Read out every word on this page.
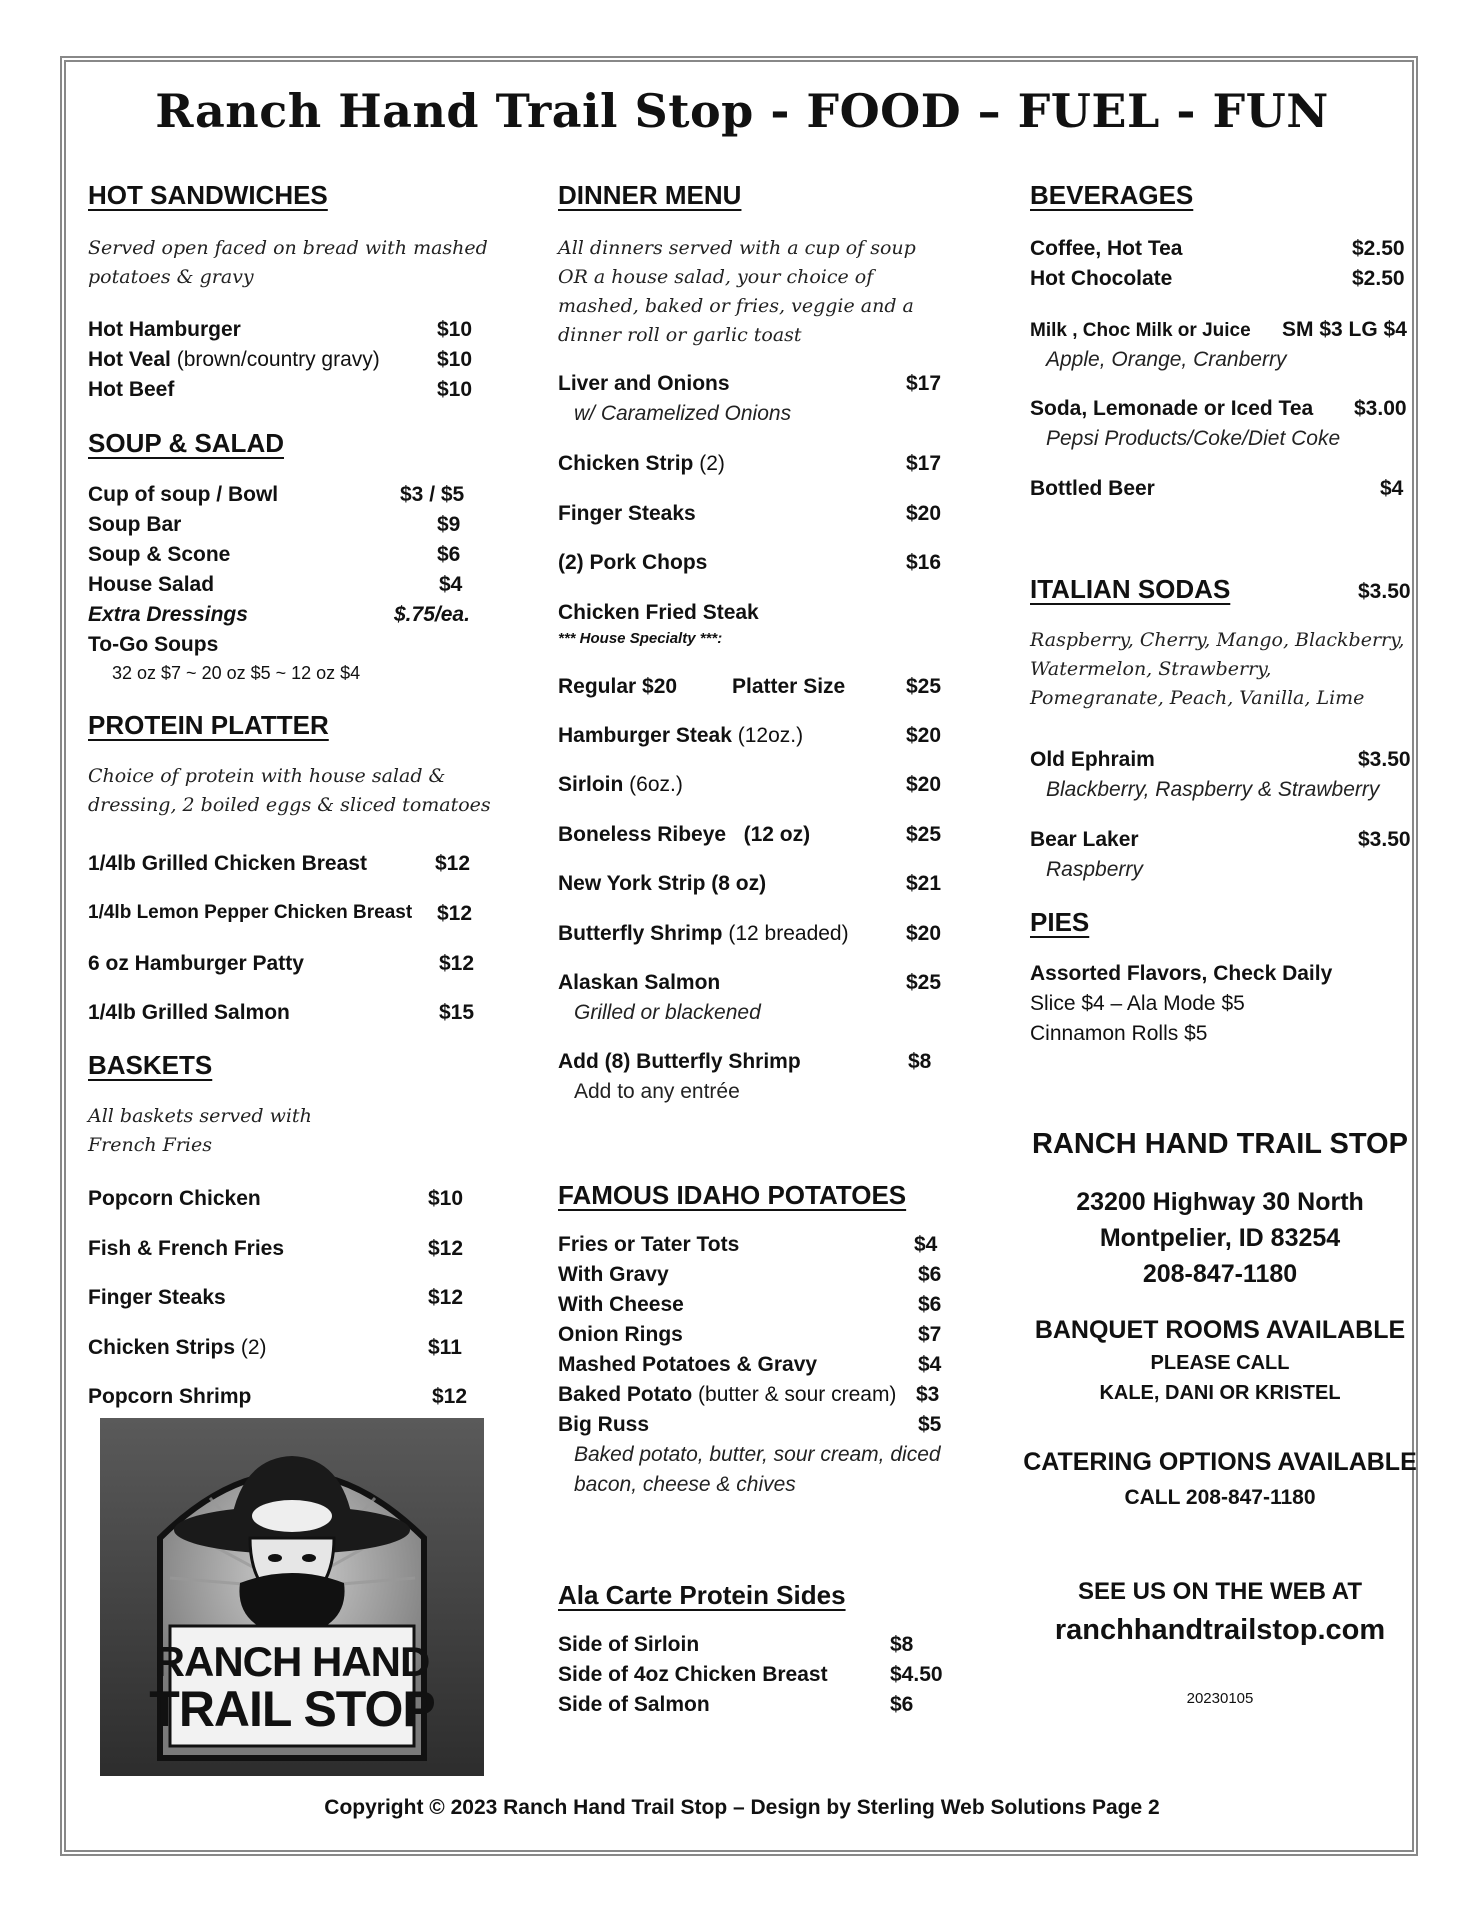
Ranch Hand Trail Stop - FOOD – FUEL - FUN
HOT SANDWICHES
Served open faced on bread with mashed potatoes & gravy
Hot Hamburger	$10
Hot Veal (brown/country gravy)	$10
Hot Beef	$10
SOUP & SALAD
Cup of soup / Bowl	$3 / $5
Soup Bar	$9
Soup & Scone	$6
House Salad	$4
Extra Dressings	$.75/ea.
To-Go Soups
32 oz $7 ~ 20 oz $5 ~ 12 oz $4
PROTEIN PLATTER
Choice of protein with house salad & dressing, 2 boiled eggs & sliced tomatoes
1/4lb Grilled Chicken Breast	$12
1/4lb Lemon Pepper Chicken Breast $12
6 oz Hamburger Patty	$12
1/4lb Grilled Salmon	$15
BASKETS
All baskets served with French Fries
Popcorn Chicken	$10
Fish & French Fries	$12
Finger Steaks	$12
Chicken Strips (2)	$11
Popcorn Shrimp	$12
RANCH HAND
TRAIL STOP
DINNER MENU
All dinners served with a cup of soup OR a house salad, your choice of mashed, baked or fries, veggie and a dinner roll or garlic toast
Liver and Onions	$17
w/ Caramelized Onions
Chicken Strip (2)	$17
Finger Steaks	$20
(2) Pork Chops	$16
Chicken Fried Steak
*** House Specialty ***:
Regular $20	Platter Size	$25
Hamburger Steak (12oz.)	$20
Sirloin (6oz.)	$20
Boneless Ribeye   (12 oz)	$25
New York Strip (8 oz)	$21
Butterfly Shrimp (12 breaded)	$20
Alaskan Salmon	$25
Grilled or blackened
Add (8) Butterfly Shrimp	$8
Add to any entrée
FAMOUS IDAHO POTATOES
Fries or Tater Tots	$4
With Gravy	$6
With Cheese	$6
Onion Rings	$7
Mashed Potatoes & Gravy	$4
Baked Potato (butter & sour cream) $3
Big Russ	$5
Baked potato, butter, sour cream, diced
bacon, cheese & chives
Ala Carte Protein Sides
Side of Sirloin	$8
Side of 4oz Chicken Breast	$4.50
Side of Salmon	$6
BEVERAGES
Coffee, Hot Tea	$2.50
Hot Chocolate	$2.50
Milk , Choc Milk or Juice SM $3 LG $4
Apple, Orange, Cranberry
Soda, Lemonade or Iced Tea $3.00
Pepsi Products/Coke/Diet Coke
Bottled Beer	$4
ITALIAN SODAS	$3.50
Raspberry, Cherry, Mango, Blackberry, Watermelon, Strawberry, Pomegranate, Peach, Vanilla, Lime
Old Ephraim	$3.50
Blackberry, Raspberry & Strawberry
Bear Laker	$3.50
Raspberry
PIES
Assorted Flavors, Check Daily
Slice $4 – Ala Mode $5
Cinnamon Rolls $5
RANCH HAND TRAIL STOP
23200 Highway 30 North
Montpelier, ID 83254
208-847-1180
BANQUET ROOMS AVAILABLE
PLEASE CALL
KALE, DANI OR KRISTEL
CATERING OPTIONS AVAILABLE
CALL 208-847-1180
SEE US ON THE WEB AT
ranchhandtrailstop.com
20230105
Copyright © 2023 Ranch Hand Trail Stop – Design by Sterling Web Solutions Page 2
